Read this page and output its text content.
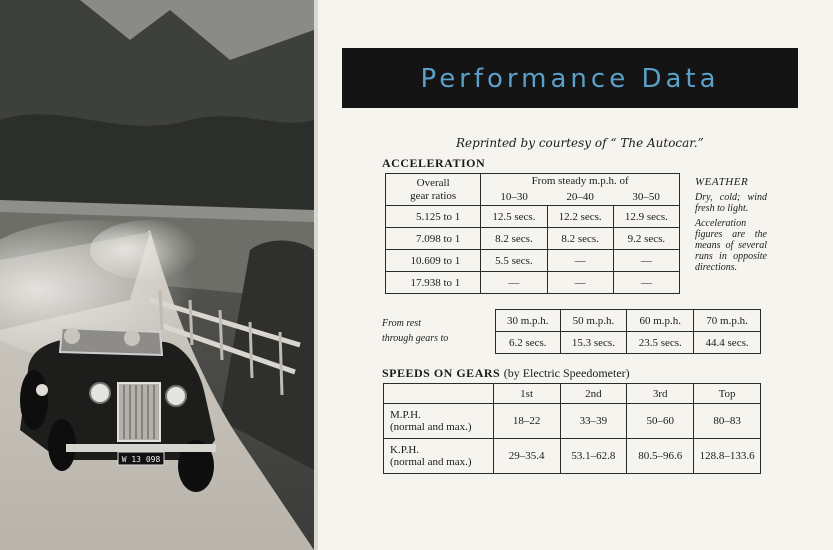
W 13 098
Performance Data
Reprinted by courtesy of “ The Autocar.”
ACCELERATION
Overall
gear ratios	From steady m.p.h. of		
	10–30	20–40	30–50
5.125 to 1	12.5 secs.	12.2 secs.	12.9 secs.
7.098 to 1	8.2 secs.	8.2 secs.	9.2 secs.
10.609 to 1	5.5 secs.	—	—
17.938 to 1	—	—	—
WEATHER
Dry, cold; wind fresh to light.
Acceleration figures are the means of several runs in opposite directions.
From rest
through gears to
30 m.p.h.	50 m.p.h.	60 m.p.h.	70 m.p.h.
6.2 secs.	15.3 secs.	23.5 secs.	44.4 secs.
SPEEDS ON GEARS (by Electric Speedometer)
	1st	2nd	3rd	Top
M.P.H.
(normal and max.)	18–22	33–39	50–60	80–83
K.P.H.
(normal and max.)	29–35.4	53.1–62.8	80.5–96.6	128.8–133.6
